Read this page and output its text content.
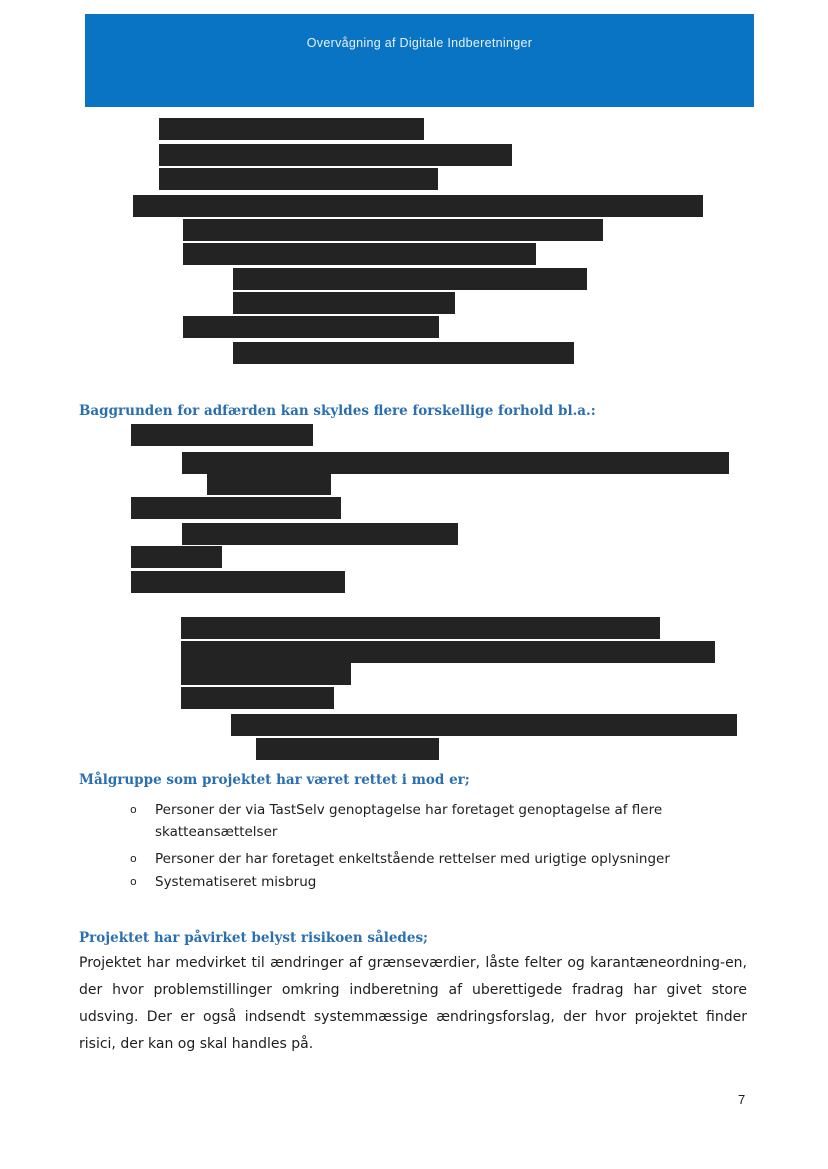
Overvågning af Digitale Indberetninger
Baggrunden for adfærden kan skyldes flere forskellige forhold bl.a.:
Målgruppe som projektet har været rettet i mod er;
o Personer der via TastSelv genoptagelse har foretaget genoptagelse af flere skatteansættelser
o Personer der har foretaget enkeltstående rettelser med urigtige oplysninger
o Systematiseret misbrug
Projektet har påvirket belyst risikoen således;
Projektet har medvirket til ændringer af grænseværdier, låste felter og karantæneordning-en, der hvor problemstillinger omkring indberetning af uberettigede fradrag har givet store udsving. Der er også indsendt systemmæssige ændringsforslag, der hvor projektet finder risici, der kan og skal handles på.
7
